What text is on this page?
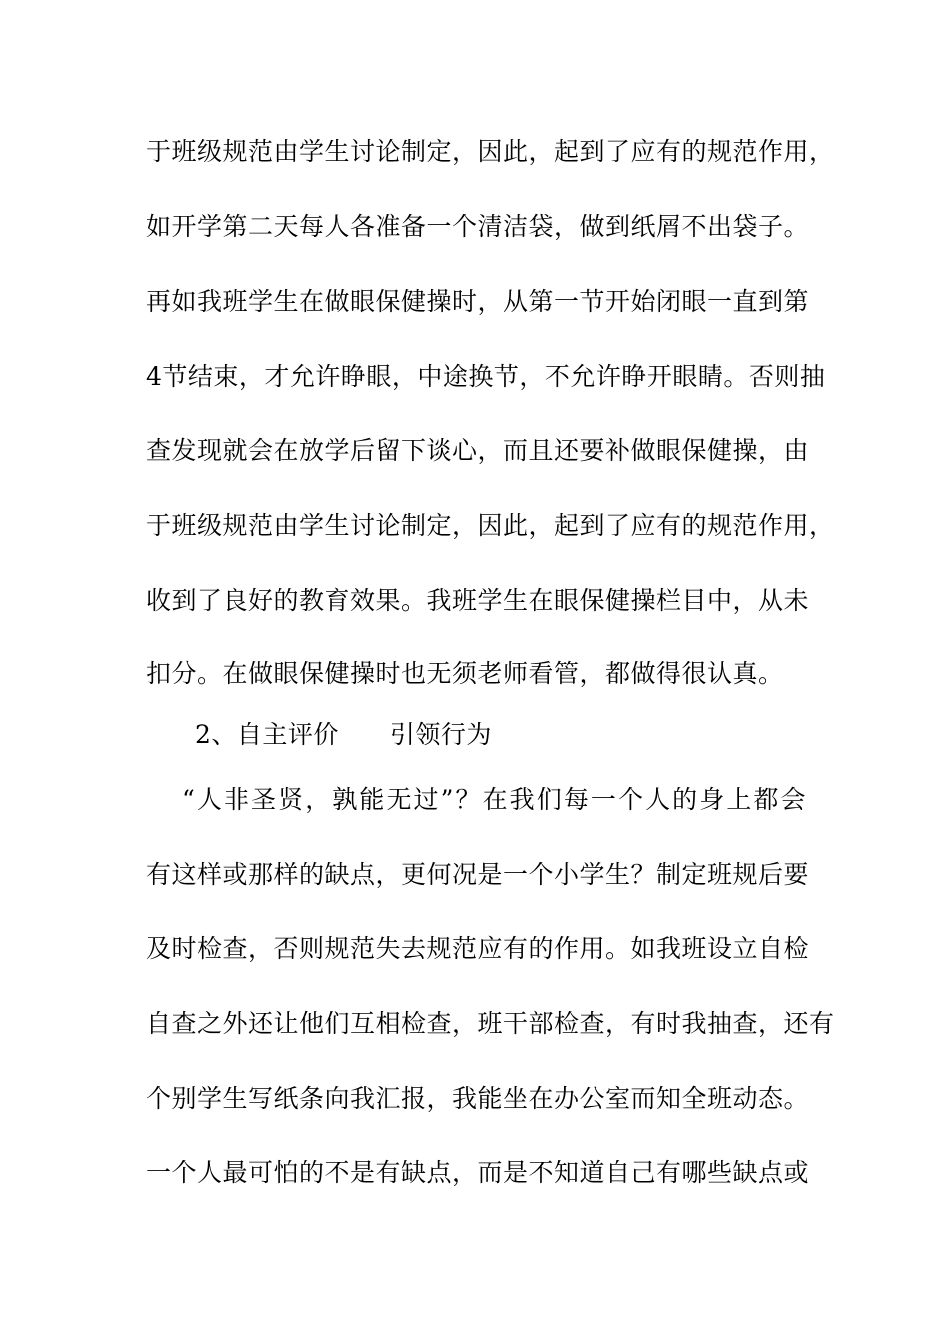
于班级规范由学生讨论制定，因此，起到了应有的规范作用，
如开学第二天每人各准备一个清洁袋，做到纸屑不出袋子。
再如我班学生在做眼保健操时，从第一节开始闭眼一直到第
4节结束，才允许睁眼，中途换节，不允许睁开眼睛。否则抽
查发现就会在放学后留下谈心，而且还要补做眼保健操，由
于班级规范由学生讨论制定，因此，起到了应有的规范作用，
收到了良好的教育效果。我班学生在眼保健操栏目中，从未
扣分。在做眼保健操时也无须老师看管，都做得很认真。
2、自主评价　　引领行为
“人非圣贤，孰能无过”？在我们每一个人的身上都会
有这样或那样的缺点，更何况是一个小学生？制定班规后要
及时检查，否则规范失去规范应有的作用。如我班设立自检
自查之外还让他们互相检查，班干部检查，有时我抽查，还有
个别学生写纸条向我汇报，我能坐在办公室而知全班动态。
一个人最可怕的不是有缺点，而是不知道自己有哪些缺点或
